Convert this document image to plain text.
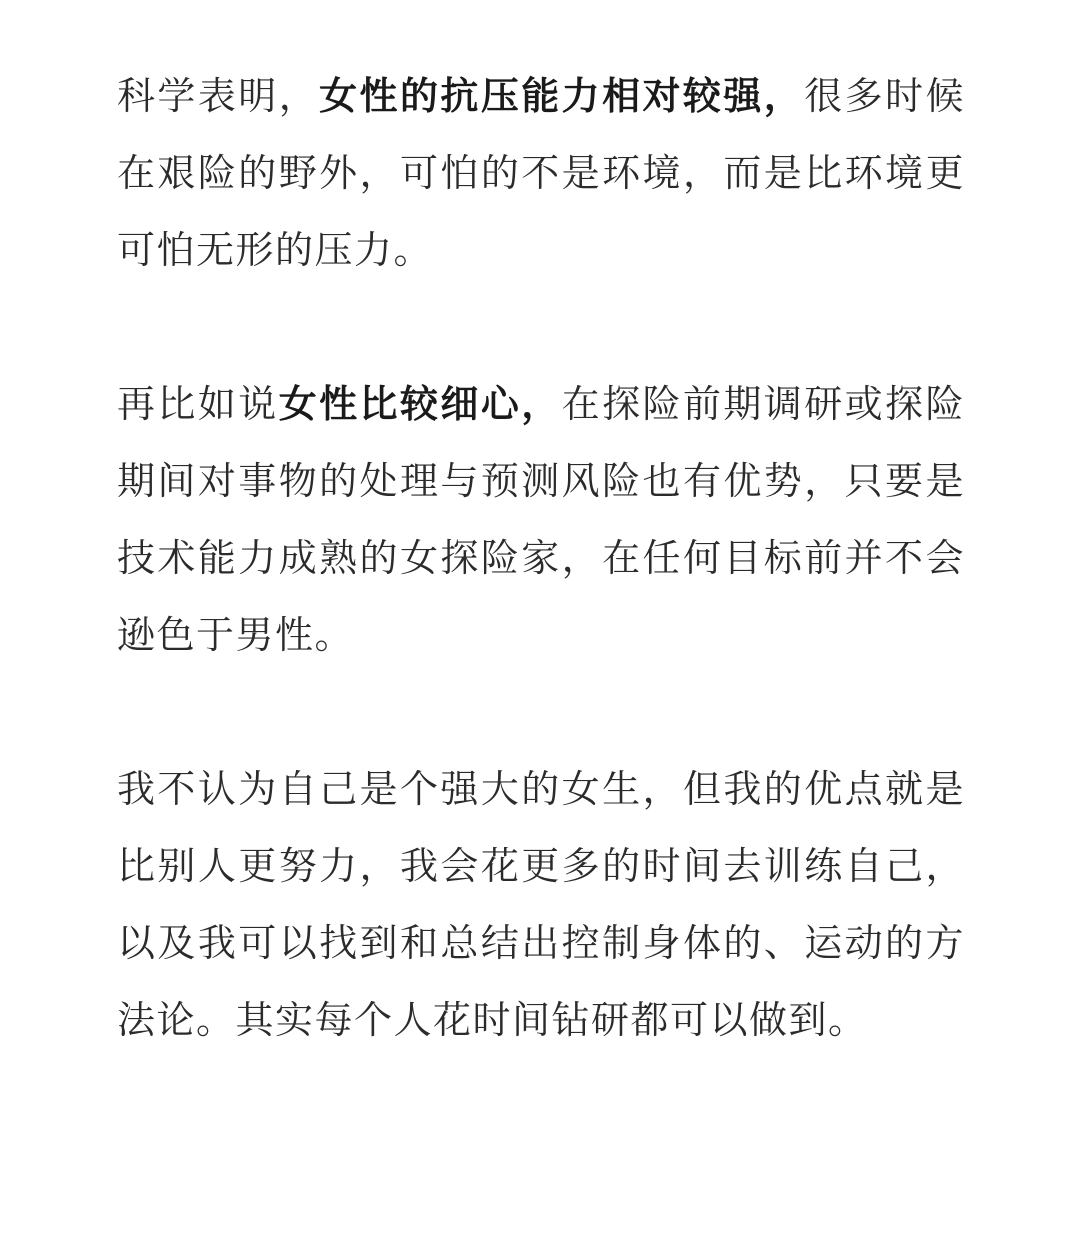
科学表明，女性的抗压能力相对较强，很多时候在艰险的野外，可怕的不是环境，而是比环境更可怕无形的压力。

再比如说女性比较细心，在探险前期调研或探险期间对事物的处理与预测风险也有优势，只要是技术能力成熟的女探险家，在任何目标前并不会逊色于男性。

我不认为自己是个强大的女生，但我的优点就是比别人更努力，我会花更多的时间去训练自己，以及我可以找到和总结出控制身体的、运动的方法论。其实每个人花时间钻研都可以做到。
